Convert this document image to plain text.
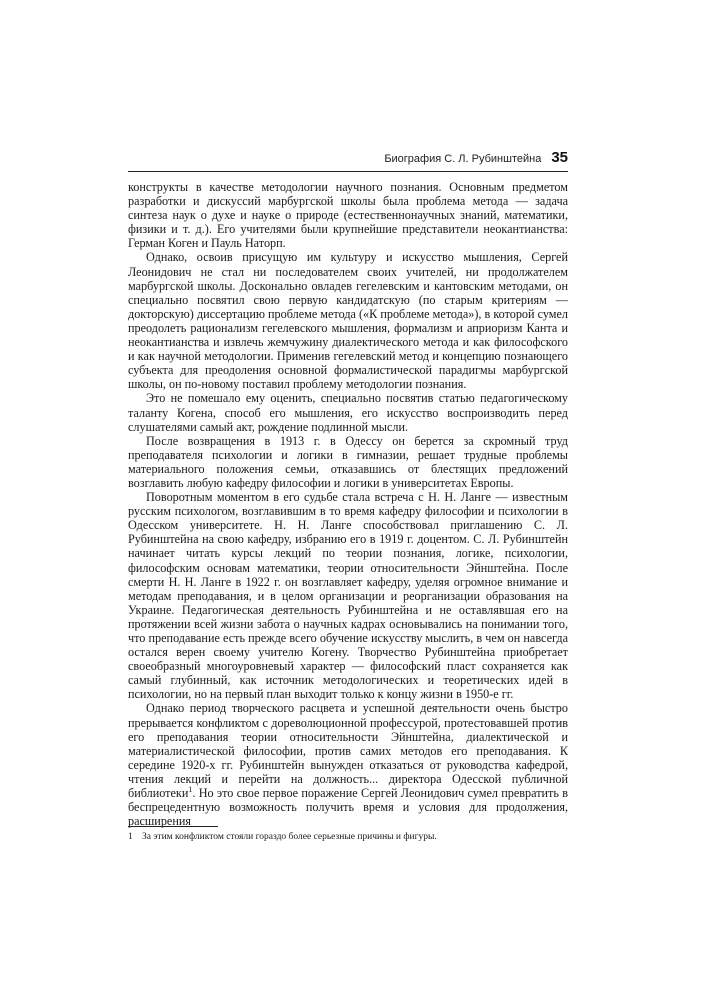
Биография С. Л. Рубинштейна 35

конструкты в качестве методологии научного познания. Основным предметом разработки и дискуссий марбургской школы была проблема метода — задача синтеза наук о духе и науке о природе (естественнонаучных знаний, математики, физики и т. д.). Его учителями были крупнейшие представители неокантианства: Герман Коген и Пауль Наторп.

Однако, освоив присущую им культуру и искусство мышления, Сергей Леонидович не стал ни последователем своих учителей, ни продолжателем марбургской школы. Досконально овладев гегелевским и кантовским методами, он специально посвятил свою первую кандидатскую (по старым критериям — докторскую) диссертацию проблеме метода («К проблеме метода»), в которой сумел преодолеть рационализм гегелевского мышления, формализм и априоризм Канта и неокантианства и извлечь жемчужину диалектического метода и как философского и как научной методологии. Применив гегелевский метод и концепцию познающего субъекта для преодоления основной формалистической парадигмы марбургской школы, он по-новому поставил проблему методологии познания.

Это не помешало ему оценить, специально посвятив статью педагогическому таланту Когена, способ его мышления, его искусство воспроизводить перед слушателями самый акт, рождение подлинной мысли.

После возвращения в 1913 г. в Одессу он берется за скромный труд преподавателя психологии и логики в гимназии, решает трудные проблемы материального положения семьи, отказавшись от блестящих предложений возглавить любую кафедру философии и логики в университетах Европы.

Поворотным моментом в его судьбе стала встреча с Н. Н. Ланге — известным русским психологом, возглавившим в то время кафедру философии и психологии в Одесском университете. Н. Н. Ланге способствовал приглашению С. Л. Рубинштейна на свою кафедру, избранию его в 1919 г. доцентом. С. Л. Рубинштейн начинает читать курсы лекций по теории познания, логике, психологии, философским основам математики, теории относительности Эйнштейна. После смерти Н. Н. Ланге в 1922 г. он возглавляет кафедру, уделяя огромное внимание и методам преподавания, и в целом организации и реорганизации образования на Украине. Педагогическая деятельность Рубинштейна и не оставлявшая его на протяжении всей жизни забота о научных кадрах основывались на понимании того, что преподавание есть прежде всего обучение искусству мыслить, в чем он навсегда остался верен своему учителю Когену. Творчество Рубинштейна приобретает своеобразный многоуровневый характер — философский пласт сохраняется как самый глубинный, как источник методологических и теоретических идей в психологии, но на первый план выходит только к концу жизни в 1950-е гг.

Однако период творческого расцвета и успешной деятельности очень быстро прерывается конфликтом с дореволюционной профессурой, протестовавшей против его преподавания теории относительности Эйнштейна, диалектической и материалистической философии, против самих методов его преподавания. К середине 1920-х гг. Рубинштейн вынужден отказаться от руководства кафедрой, чтения лекций и перейти на должность... директора Одесской публичной библиотеки$^1$. Но это свое первое поражение Сергей Леонидович сумел превратить в беспрецедентную возможность получить время и условия для продолжения, расширения

1 За этим конфликтом стояли гораздо более серьезные причины и фигуры.
